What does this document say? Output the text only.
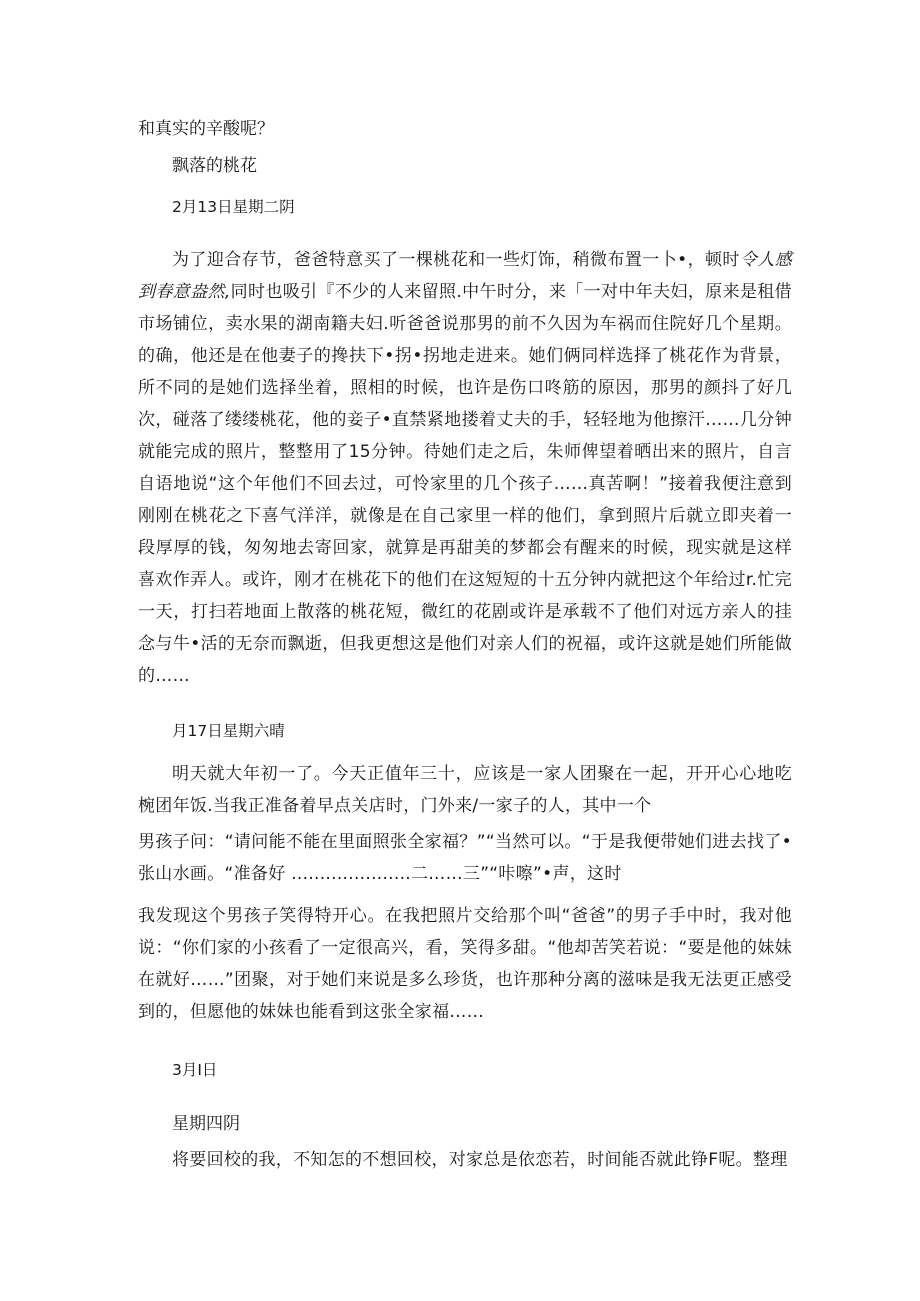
和真实的辛酸呢？
飘落的桃花
2月13日星期二阴
为了迎合存节，爸爸特意买了一棵桃花和一些灯饰，稍微布置一卜•，顿时令人感到春意盎然,同时也吸引『不少的人来留照.中午时分，来「一对中年夫妇，原来是租借市场铺位，卖水果的湖南籍夫妇.听爸爸说那男的前不久因为车祸而住院好几个星期。的确，他还是在他妻子的搀扶下•拐•拐地走进来。她们俩同样选择了桃花作为背景，所不同的是她们选择坐着，照相的时候，也许是伤口咚筋的原因，那男的颜抖了好几次，碰落了缕缕桃花，他的妾子•直禁紧地搂着丈夫的手，轻轻地为他擦汗……几分钟就能完成的照片，整整用了15分钟。待她们走之后，朱师俾望着晒出来的照片，自言自语地说“这个年他们不回去过，可怜家里的几个孩子……真苦啊！”接着我便注意到刚刚在桃花之下喜气洋洋，就像是在自己家里一样的他们，拿到照片后就立即夹着一段厚厚的钱，匆匆地去寄回家，就算是再甜美的梦都会有醒来的时候，现实就是这样喜欢作弄人。或许，刚才在桃花下的他们在这短短的十五分钟内就把这个年给过r.忙完一天，打扫若地面上散落的桃花短，微红的花剧或许是承载不了他们对远方亲人的挂念与牛•活的无奈而飘逝，但我更想这是他们对亲人们的祝福，或许这就是她们所能做的……
月17日星期六晴
明天就大年初一了。今天正值年三十，应该是一家人团聚在一起，开开心心地吃椀团年饭.当我正准备着早点关店时，门外来/一家子的人，其中一个
男孩子问：“请问能不能在里面照张全家福？”“当然可以。“于是我便带她们进去找了•张山水画。“准备好 .....................二……三”“咔嚓”•声，这时
我发现这个男孩子笑得特开心。在我把照片交给那个叫“爸爸”的男子手中时，我对他说：“你们家的小孩看了一定很高兴，看，笑得多甜。“他却苦笑若说：“要是他的妹妹在就好……”团聚，对于她们来说是多么珍货，也许那种分离的滋味是我无法更正感受到的，但愿他的妹妹也能看到这张全家福……
3月I日
星期四阴
将要回校的我，不知怎的不想回校，对家总是依恋若，时间能否就此铮F呢。整理
